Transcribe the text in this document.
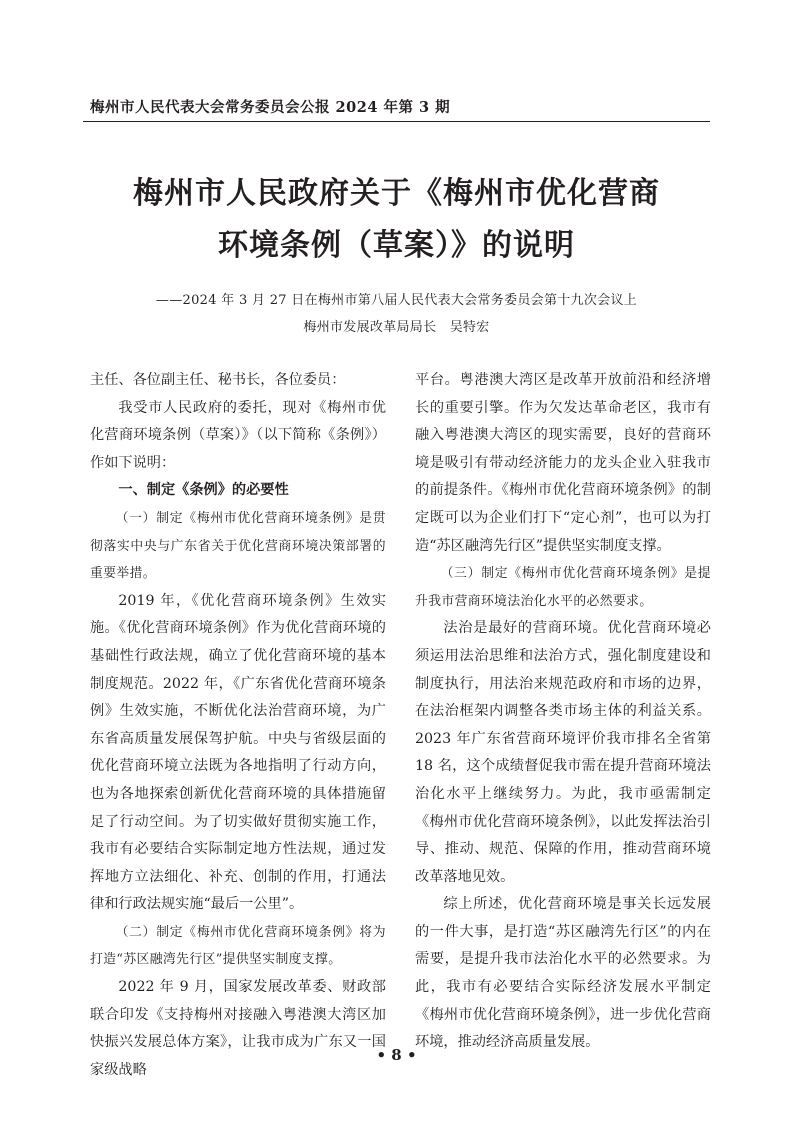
梅州市人民代表大会常务委员会公报 2024 年第 3 期
梅州市人民政府关于《梅州市优化营商
环境条例（草案）》的说明
——2024 年 3 月 27 日在梅州市第八届人民代表大会常务委员会第十九次会议上
梅州市发展改革局局长　吴特宏

主任、各位副主任、秘书长，各位委员：

我受市人民政府的委托，现对《梅州市优化营商环境条例（草案）》（以下简称《条例》）作如下说明：

一、制定《条例》的必要性

（一）制定《梅州市优化营商环境条例》是贯彻落实中央与广东省关于优化营商环境决策部署的重要举措。

2019 年，《优化营商环境条例》生效实施。《优化营商环境条例》作为优化营商环境的基础性行政法规，确立了优化营商环境的基本制度规范。2022 年，《广东省优化营商环境条例》生效实施，不断优化法治营商环境，为广东省高质量发展保驾护航。中央与省级层面的优化营商环境立法既为各地指明了行动方向，也为各地探索创新优化营商环境的具体措施留足了行动空间。为了切实做好贯彻实施工作，我市有必要结合实际制定地方性法规，通过发挥地方立法细化、补充、创制的作用，打通法律和行政法规实施“最后一公里”。

（二）制定《梅州市优化营商环境条例》将为打造“苏区融湾先行区”提供坚实制度支撑。

2022 年 9 月，国家发展改革委、财政部联合印发《支持梅州对接融入粤港澳大湾区加快振兴发展总体方案》，让我市成为广东又一国家级战略

平台。粤港澳大湾区是改革开放前沿和经济增长的重要引擎。作为欠发达革命老区，我市有融入粤港澳大湾区的现实需要，良好的营商环境是吸引有带动经济能力的龙头企业入驻我市的前提条件。《梅州市优化营商环境条例》的制定既可以为企业们打下“定心剂”，也可以为打造“苏区融湾先行区”提供坚实制度支撑。

（三）制定《梅州市优化营商环境条例》是提升我市营商环境法治化水平的必然要求。

法治是最好的营商环境。优化营商环境必须运用法治思维和法治方式，强化制度建设和制度执行，用法治来规范政府和市场的边界，在法治框架内调整各类市场主体的利益关系。2023 年广东省营商环境评价我市排名全省第 18 名，这个成绩督促我市需在提升营商环境法治化水平上继续努力。为此，我市亟需制定《梅州市优化营商环境条例》，以此发挥法治引导、推动、规范、保障的作用，推动营商环境改革落地见效。

综上所述，优化营商环境是事关长远发展的一件大事，是打造“苏区融湾先行区”的内在需要，是提升我市法治化水平的必然要求。为此，我市有必要结合实际经济发展水平制定《梅州市优化营商环境条例》，进一步优化营商环境，推动经济高质量发展。

• 8 •
